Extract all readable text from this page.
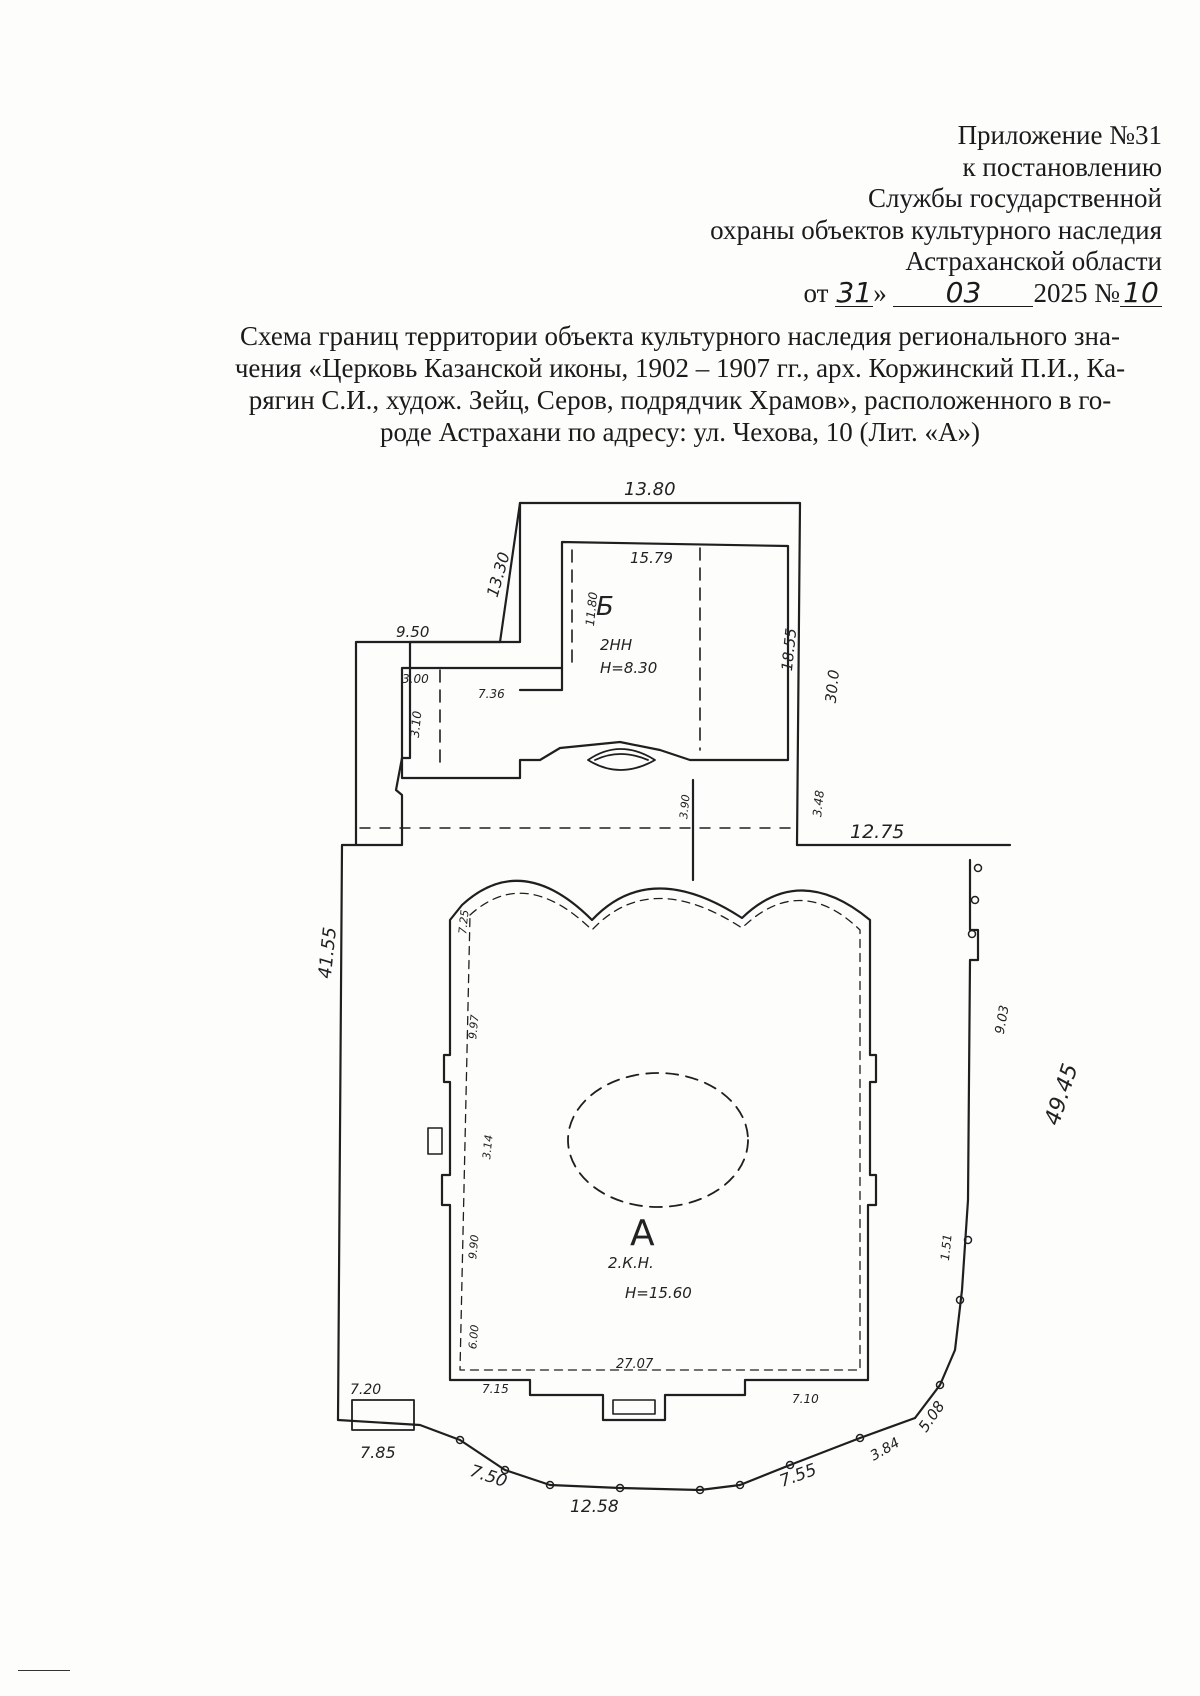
Приложение №31
к постановлению
Службы государственной
охраны объектов культурного наследия
Астраханской области
от 31» 03 2025 № 10
Схема границ территории объекта культурного наследия регионального зна-
чения «Церковь Казанской иконы, 1902 – 1907 гг., арх. Коржинский П.И., Ка-
рягин С.И., худож. Зейц, Серов, подрядчик Храмов», расположенного в го-
роде Астрахани по адресу: ул. Чехова, 10 (Лит. «А»)
А
2.К.Н.
Н=15.60
Б
2НН
Н=8.30
13.80
13.30
9.50
41.55
7.36
3.00
3.10
15.79
18.55
11.80
30.0
3.48
12.75
49.45
9.03
1.51
3.90
7.25
9.97
3.14
9.90
6.00
27.07
7.15
7.10
7.20
7.85
7.50
12.58
7.55
5.08
3.84
